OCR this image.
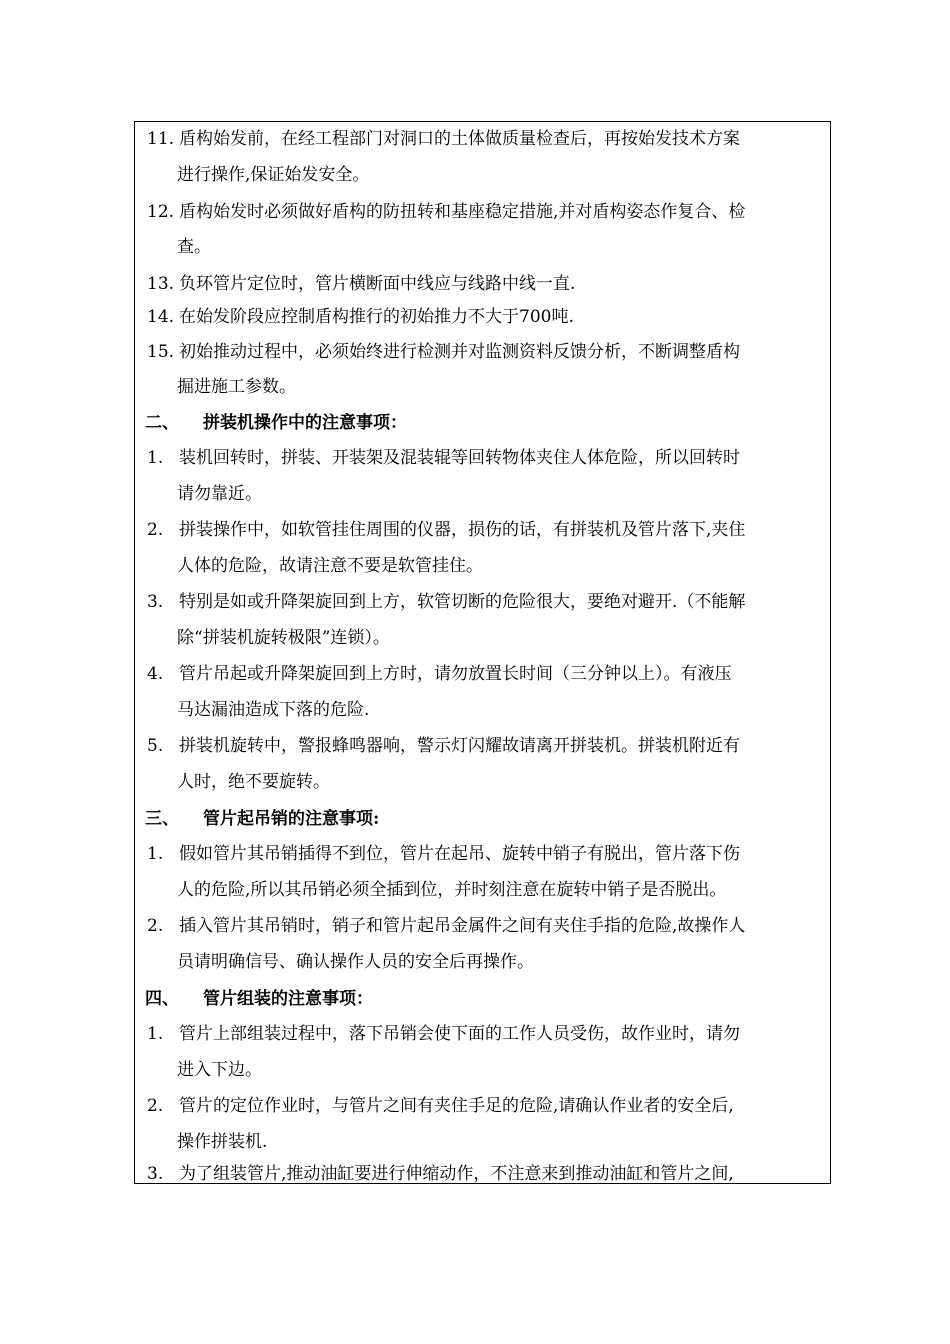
11. 盾构始发前，在经工程部门对洞口的土体做质量检查后，再按始发技术方案
进行操作,保证始发安全。
12. 盾构始发时必须做好盾构的防扭转和基座稳定措施,并对盾构姿态作复合、检
查。
13. 负环管片定位时，管片横断面中线应与线路中线一直.
14. 在始发阶段应控制盾构推行的初始推力不大于700吨.
15. 初始推动过程中，必须始终进行检测并对监测资料反馈分析，不断调整盾构
掘进施工参数。
二、 拼装机操作中的注意事项：
1. 装机回转时，拼装、开装架及混装辊等回转物体夹住人体危险，所以回转时
请勿靠近。
2. 拼装操作中，如软管挂住周围的仪器，损伤的话，有拼装机及管片落下,夹住
人体的危险，故请注意不要是软管挂住。
3. 特别是如或升降架旋回到上方，软管切断的危险很大，要绝对避开.（不能解
除“拼装机旋转极限”连锁）。
4. 管片吊起或升降架旋回到上方时，请勿放置长时间（三分钟以上）。有液压
马达漏油造成下落的危险.
5. 拼装机旋转中，警报蜂鸣器响，警示灯闪耀故请离开拼装机。拼装机附近有
人时，绝不要旋转。
三、 管片起吊销的注意事项:
1. 假如管片其吊销插得不到位，管片在起吊、旋转中销子有脱出，管片落下伤
人的危险,所以其吊销必须全插到位，并时刻注意在旋转中销子是否脱出。
2. 插入管片其吊销时，销子和管片起吊金属件之间有夹住手指的危险,故操作人
员请明确信号、确认操作人员的安全后再操作。
四、 管片组装的注意事项：
1. 管片上部组装过程中，落下吊销会使下面的工作人员受伤，故作业时，请勿
进入下边。
2. 管片的定位作业时，与管片之间有夹住手足的危险,请确认作业者的安全后,
操作拼装机.
3. 为了组装管片,推动油缸要进行伸缩动作，不注意来到推动油缸和管片之间,
